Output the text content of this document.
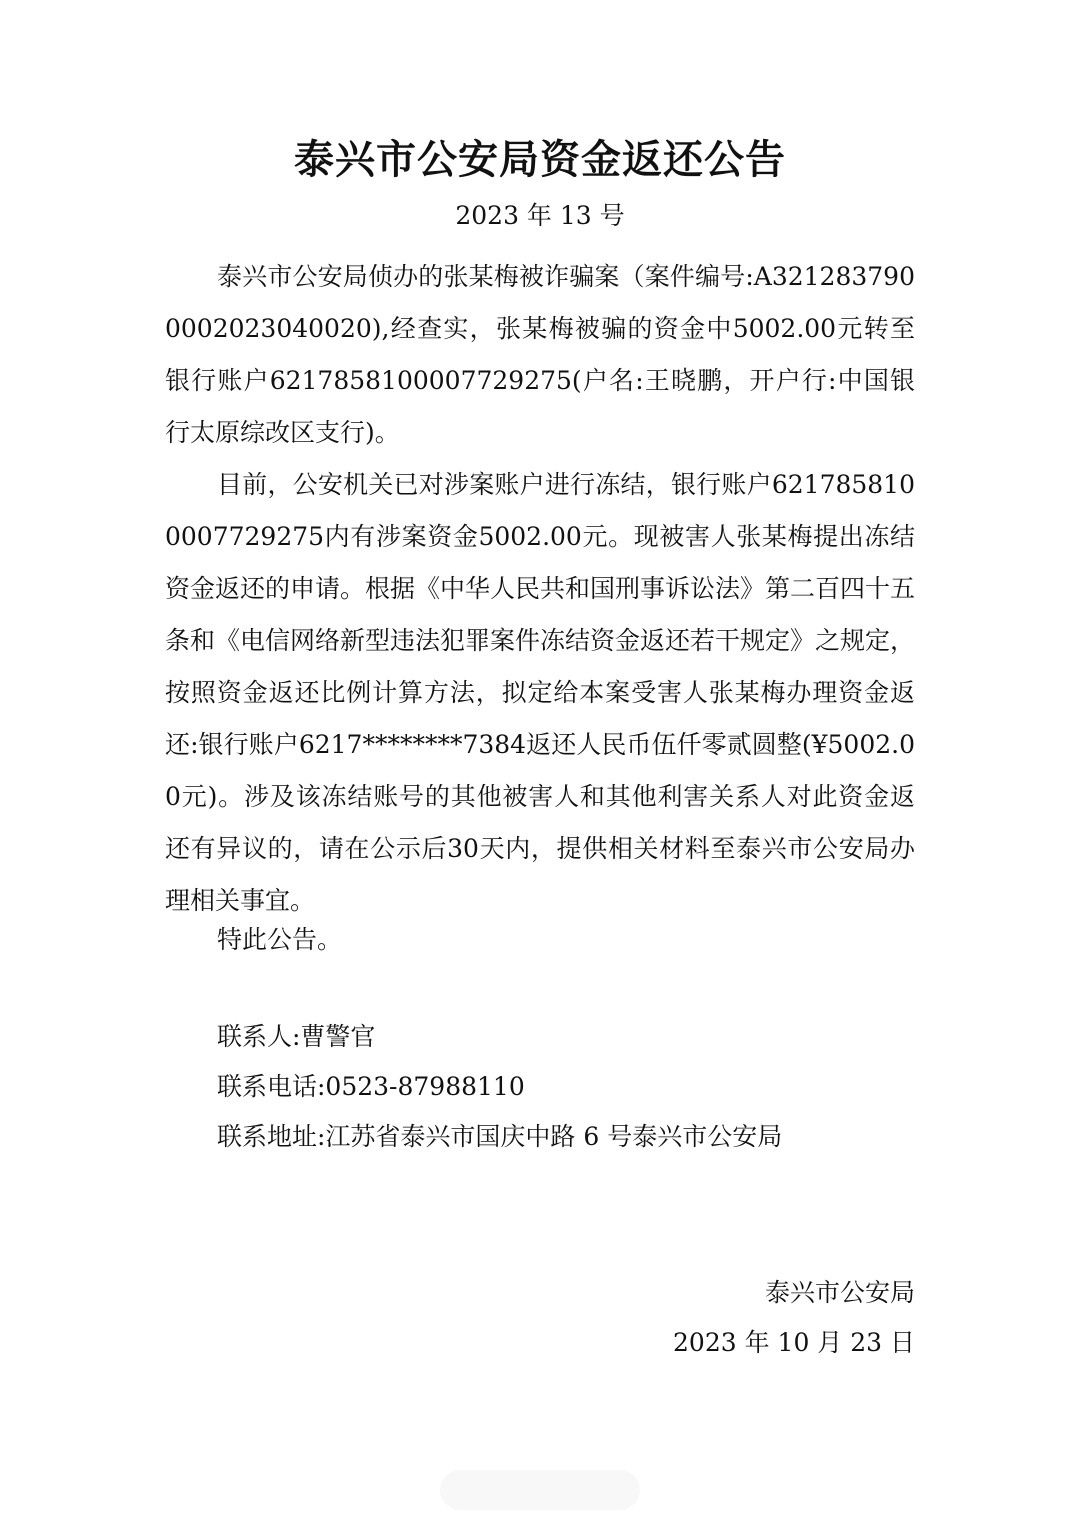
泰兴市公安局资金返还公告
2023 年 13 号

泰兴市公安局侦办的张某梅被诈骗案（案件编号:A3212837900002023040020),经查实，张某梅被骗的资金中5002.00元转至银行账户6217858100007729275(户名:王晓鹏，开户行:中国银行太原综改区支行)。

目前，公安机关已对涉案账户进行冻结，银行账户6217858100007729275内有涉案资金5002.00元。现被害人张某梅提出冻结资金返还的申请。根据《中华人民共和国刑事诉讼法》第二百四十五条和《电信网络新型违法犯罪案件冻结资金返还若干规定》之规定，按照资金返还比例计算方法，拟定给本案受害人张某梅办理资金返还:银行账户6217********7384返还人民币伍仟零贰圆整(¥5002.00元)。涉及该冻结账号的其他被害人和其他利害关系人对此资金返还有异议的，请在公示后30天内，提供相关材料至泰兴市公安局办理相关事宜。

特此公告。
联系人:曹警官
联系电话:0523-87988110
联系地址:江苏省泰兴市国庆中路 6 号泰兴市公安局
泰兴市公安局
2023 年 10 月 23 日
